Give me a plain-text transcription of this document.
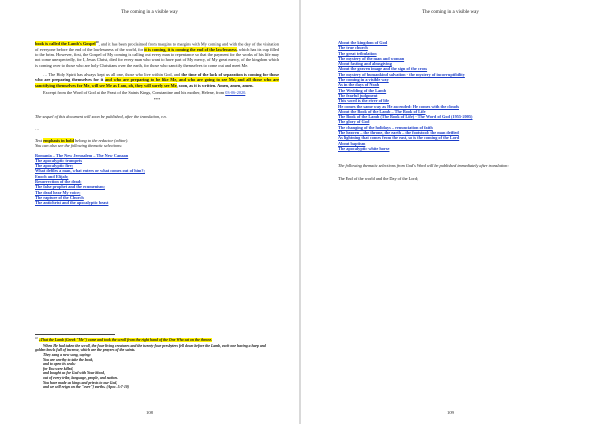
The coming in a visible way

book is called the Lamb's Gospel$^{10}$, and it has been proclaimed from margins to margins with My coming and with the day of the visitation of everyone before the end of the lawlessness of the world, for it is coming, it is coming the end of the lawlessness, which has its cup filled to the brim. However, first, the Gospel of My coming is calling out every man to repentance so that the payment for the works of his life may not come unexpectedly, for I, Jesus Christ, died for every man who want to have part of My mercy, of My great mercy, of the kingdom which is coming over to those who are holy Christians over the earth, for those who sanctify themselves to come out and meet Me.

… The Holy Spirit has always kept us all one, those who live within God, and the time of the lack of separation is coming for those who are preparing themselves for it and who are preparing to be like Me, and who are going to see Me, and all those who are sanctifying themselves for Me, will see Me as I am, oh, they will surely see Me, soon, as it is written. Amen, amen, amen.

Excerpt from the Word of God at the Feast of the Saints Kings, Constantine and his mother, Helene, from 03-06-2020.

***

The sequel of this document will soon be published, after the translation, r.n.

…

Text emphasis in bold belong to the redactor (editor).

You can also see the following thematic selections:

Romania – The New Jerusalem – The New Canaan
The apocalyptic trumpets
The apocalyptic fire;
What defiles a man, what enters or what comes out of him?;
Enoch and Elijah;
Resurrection of the dead;
The false prophet and the ecumenism;
The dead hear My voice;
The rapture of the Church
The antichrist and the apocalyptic beast
$^{10}$ «That the Lamb (Greek "Me") came and took the scroll from the right hand of the One Who sat on the throne.
When He had taken the scroll, the four living creatures and the twenty-four presbyters fell down before the Lamb, each one having a harp and golden bowls full of incense, which are the prayers of the saints.
They sang a new song, saying:
You are worthy to take the book,
and to open its seals:
for You were killed,
and bought us for God with Your blood,
out of every tribe, language, people, and nation.
You have made us kings and priests to our God,
and we will reign on the "over"} earths. (Apoc. 5:7-10)
108
The coming in a visible way
About the kingdom of God
The true church
The great tribulation
The mystery of the man and woman
About fasting and almsgiving
About the graven image and the sign of the cross
The mystery of humankind salvation - the mystery of incorruptibility
The coming in a visible way
As in the days of Noah
The Wedding of the Lamb
The fearful judgment
This word is the river of life
He comes the same way as He ascended: He comes with the clouds
About the Book of the Lamb – The Book of Life
The Book of the Lamb (The Book of Life) - The Word of God (1955-2005)
The glory of God
The changing of the holidays – renunciation of faith
The heaven – the throne, the earth – the footstool: the man deified
As lightning that comes from the east, so is the coming of the Lord
About baptism
The apocalyptic white horse

The following thematic selections from God's Word will be published immediately after translation:

The End of the world and the Day of the Lord;

109
